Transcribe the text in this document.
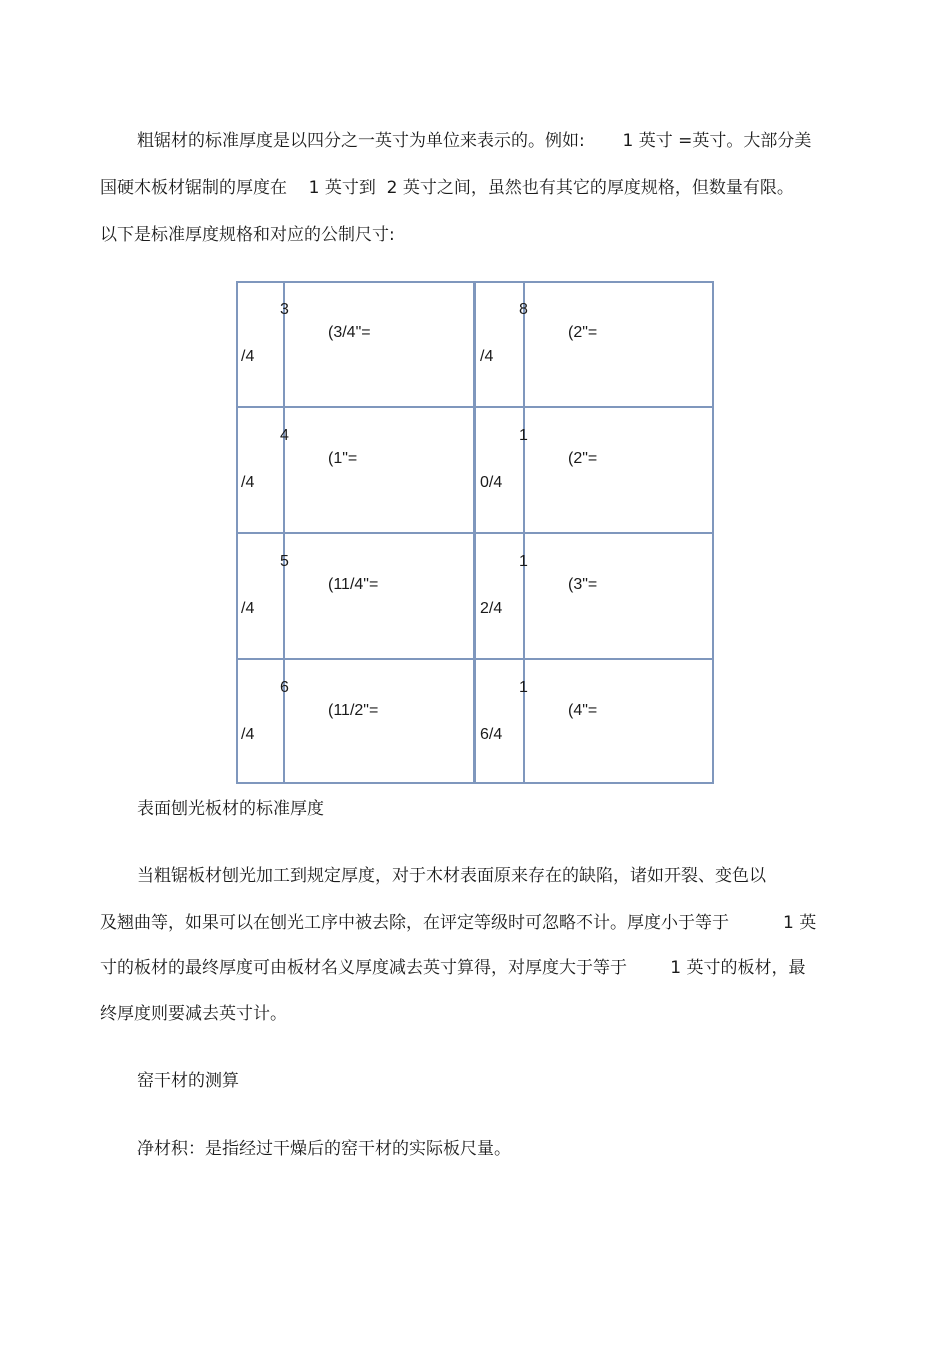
粗锯材的标准厚度是以四分之一英寸为单位来表示的。例如:       1 英寸 =英寸。大部分美
国硬木板材锯制的厚度在    1 英寸到  2 英寸之间，虽然也有其它的厚度规格，但数量有限。
以下是标准厚度规格和对应的公制尺寸:
3
/4
(3/4"=
8
/4
(2"=
4
/4
(1"=
1
0/4
(2"=
5
/4
(11/4"=
1
2/4
(3"=
6
/4
(11/2"=
1
6/4
(4"=
表面刨光板材的标准厚度
当粗锯板材刨光加工到规定厚度，对于木材表面原来存在的缺陷，诸如开裂、变色以
及翘曲等，如果可以在刨光工序中被去除，在评定等级时可忽略不计。厚度小于等于          1 英
寸的板材的最终厚度可由板材名义厚度减去英寸算得，对厚度大于等于        1 英寸的板材，最
终厚度则要减去英寸计。
窑干材的测算
净材积：是指经过干燥后的窑干材的实际板尺量。
